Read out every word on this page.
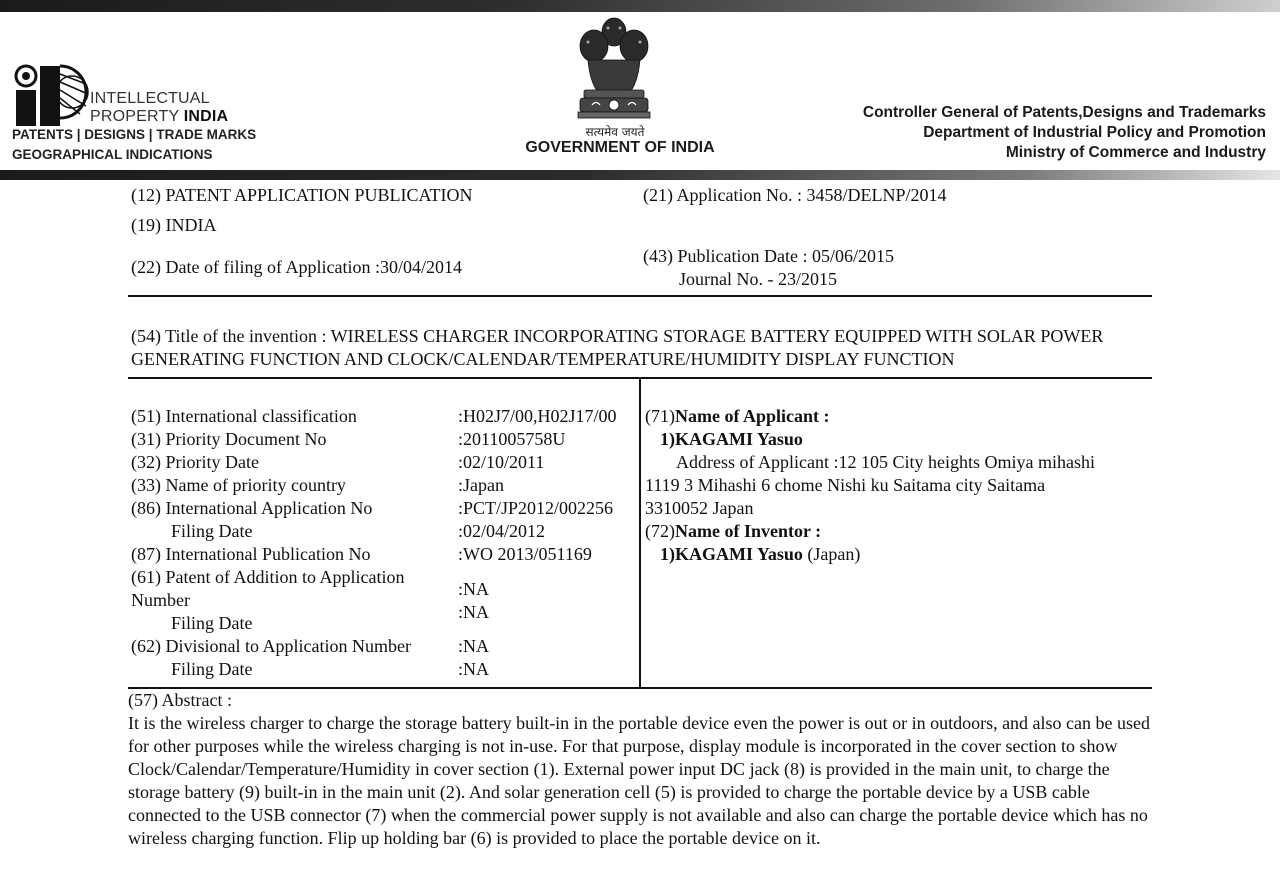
INTELLECTUAL
PROPERTY INDIA
PATENTS | DESIGNS | TRADE MARKS
GEOGRAPHICAL INDICATIONS
सत्यमेव जयते
GOVERNMENT OF INDIA
Controller General of Patents,Designs and Trademarks
Department of Industrial Policy and Promotion
Ministry of Commerce and Industry
(12) PATENT APPLICATION PUBLICATION
(19) INDIA
(22) Date of filing of Application :30/04/2014
(21) Application No. : 3458/DELNP/2014
(43) Publication Date : 05/06/2015
Journal No. - 23/2015
(54) Title of the invention : WIRELESS CHARGER INCORPORATING STORAGE BATTERY EQUIPPED WITH SOLAR POWER GENERATING FUNCTION AND CLOCK/CALENDAR/TEMPERATURE/HUMIDITY DISPLAY FUNCTION
(51) International classification
(31) Priority Document No
(32) Priority Date
(33) Name of priority country
(86) International Application No
Filing Date
(87) International Publication No
(61) Patent of Addition to Application
Number
Filing Date
(62) Divisional to Application Number
Filing Date
:H02J7/00,H02J17/00
:2011005758U
:02/10/2011
:Japan
:PCT/JP2012/002256
:02/04/2012
:WO 2013/051169
:NA
:NA
:NA
:NA
(71)Name of Applicant :
1)KAGAMI Yasuo
Address of Applicant :12 105 City heights Omiya mihashi
1119 3 Mihashi 6 chome Nishi ku Saitama city Saitama
3310052 Japan
(72)Name of Inventor :
1)KAGAMI Yasuo (Japan)
(57) Abstract :
It is the wireless charger to charge the storage battery built-in in the portable device even the power is out or in outdoors, and also can be used for other purposes while the wireless charging is not in-use. For that purpose, display module is incorporated in the cover section to show Clock/Calendar/Temperature/Humidity in cover section (1). External power input DC jack (8) is provided in the main unit, to charge the storage battery (9) built-in in the main unit (2). And solar generation cell (5) is provided to charge the portable device by a USB cable connected to the USB connector (7) when the commercial power supply is not available and also can charge the portable device which has no wireless charging function. Flip up holding bar (6) is provided to place the portable device on it.
